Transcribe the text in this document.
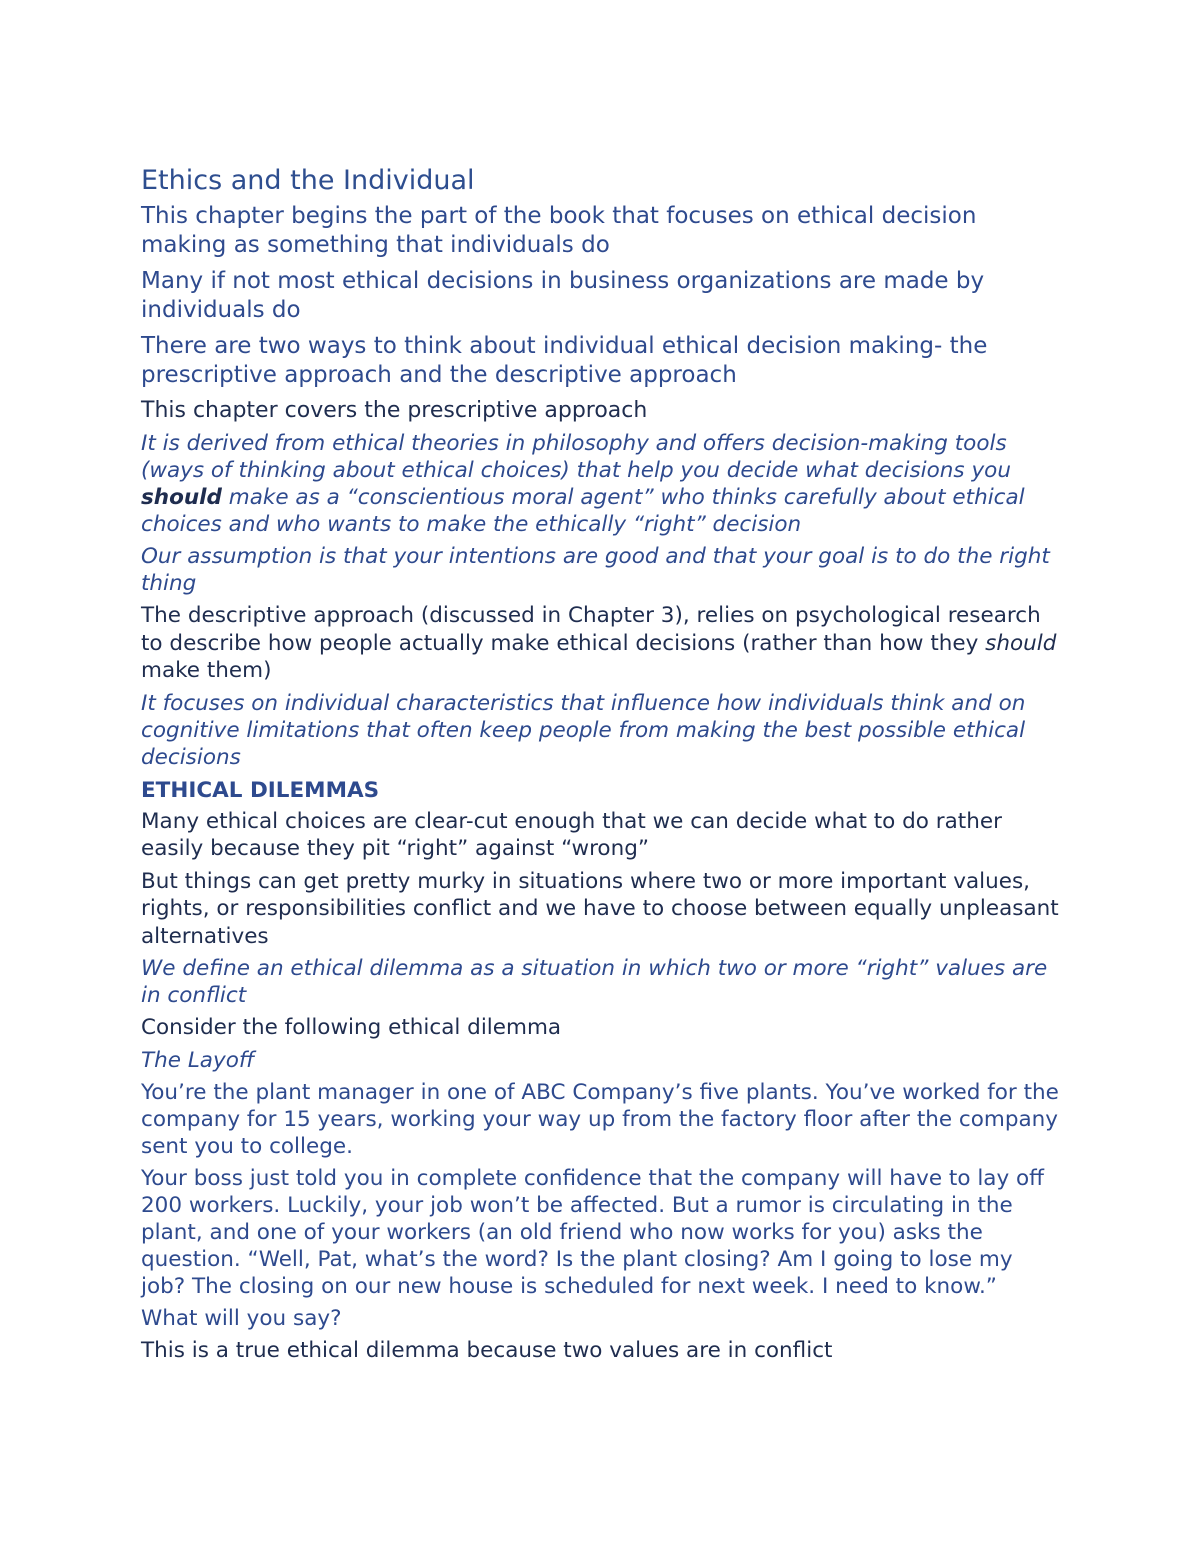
Ethics and the Individual

This chapter begins the part of the book that focuses on ethical decision making as something that individuals do

Many if not most ethical decisions in business organizations are made by individuals do

There are two ways to think about individual ethical decision making- the prescriptive approach and the descriptive approach

This chapter covers the prescriptive approach

It is derived from ethical theories in philosophy and offers decision-making tools (ways of thinking about ethical choices) that help you decide what decisions you should make as a “conscientious moral agent” who thinks carefully about ethical choices and who wants to make the ethically “right” decision

Our assumption is that your intentions are good and that your goal is to do the right thing

The descriptive approach (discussed in Chapter 3), relies on psychological research to describe how people actually make ethical decisions (rather than how they should make them)

It focuses on individual characteristics that influence how individuals think and on cognitive limitations that often keep people from making the best possible ethical decisions

ETHICAL DILEMMAS

Many ethical choices are clear-cut enough that we can decide what to do rather easily because they pit “right” against “wrong”

But things can get pretty murky in situations where two or more important values, rights, or responsibilities conflict and we have to choose between equally unpleasant alternatives

We define an ethical dilemma as a situation in which two or more “right” values are in conflict

Consider the following ethical dilemma

The Layoff

You’re the plant manager in one of ABC Company’s five plants. You’ve worked for the company for 15 years, working your way up from the factory floor after the company sent you to college.

Your boss just told you in complete confidence that the company will have to lay off 200 workers. Luckily, your job won’t be affected. But a rumor is circulating in the plant, and one of your workers (an old friend who now works for you) asks the question. “Well, Pat, what’s the word? Is the plant closing? Am I going to lose my job? The closing on our new house is scheduled for next week. I need to know.”

What will you say?

This is a true ethical dilemma because two values are in conflict
